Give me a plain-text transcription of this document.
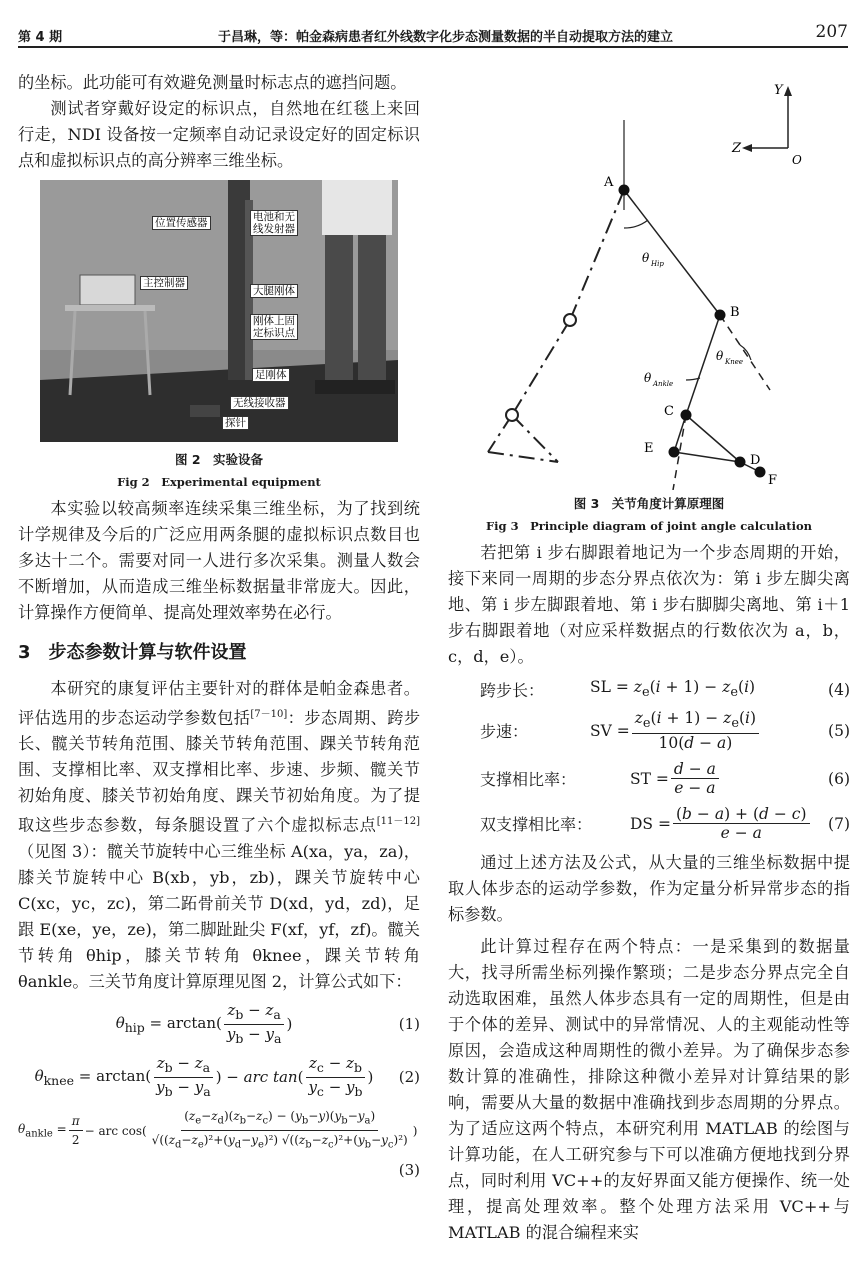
第 4 期	于昌琳，等：帕金森病患者红外线数字化步态测量数据的半自动提取方法的建立	207

的坐标。此功能可有效避免测量时标志点的遮挡问题。

测试者穿戴好设定的标识点，自然地在红毯上来回行走，NDI 设备按一定频率自动记录设定好的固定标识点和虚拟标识点的高分辨率三维坐标。

位置传感器	电池和无
线发射器
主控制器
大腿刚体
刚体上固
定标识点
足刚体
无线接收器
探针
图 2　实验设备
Fig 2　Experimental equipment

本实验以较高频率连续采集三维坐标，为了找到统计学规律及今后的广泛应用两条腿的虚拟标识点数目也多达十二个。需要对同一人进行多次采集。测量人数会不断增加，从而造成三维坐标数据量非常庞大。因此，计算操作方便简单、提高处理效率势在必行。

3　步态参数计算与软件设置

本研究的康复评估主要针对的群体是帕金森患者。评估选用的步态运动学参数包括[7－10]：步态周期、跨步长、髋关节转角范围、膝关节转角范围、踝关节转角范围、支撑相比率、双支撑相比率、步速、步频、髋关节初始角度、膝关节初始角度、踝关节初始角度。为了提取这些步态参数，每条腿设置了六个虚拟标志点[11－12]（见图 3）：髋关节旋转中心三维坐标 A(xa，ya，za)，膝关节旋转中心 B(xb，yb，zb)，踝关节旋转中心 C(xc，yc，zc)，第二跖骨前关节 D(xd，yd，zd)，足跟 E(xe，ye，ze)，第二脚趾趾尖 F(xf，yf，zf)。髋关节转角 θhip，膝关节转角 θknee，踝关节转角 θankle。三关节角度计算原理见图 2，计算公式如下：

$\theta_{hip} = \arctan( \frac{z_b - z_a}{y_b - y_a}$ )	(1)
$\theta_{knee} = \arctan( \frac{z_b - z_a}{y_b - y_a}$ ) − arc $\tan( \frac{z_c - z_b}{y_c - y_b}$ )	(2)
$\theta_{ankle} = \frac{\pi}{2}$ − arc $\cos( \frac{(z_e-z_d)(z_b-z_c) - (y_b-y)(y_b-y_a)}{√((z_d-z_e)^2+(y_d-y_e)^2) √((z_b-z_c)^2+(y_b-y_c)^2)}$ )
(3)
Y
Z
O
A
B
C
D
E
F
θ Hip
θ Knee
θ Ankle
图 3　关节角度计算原理图
Fig 3　Principle diagram of joint angle calculation

若把第 i 步右脚跟着地记为一个步态周期的开始，接下来同一周期的步态分界点依次为：第 i 步左脚尖离地、第 i 步左脚跟着地、第 i 步右脚脚尖离地、第 i＋1 步右脚跟着地（对应采样数据点的行数依次为 a，b，c，d，e）。

跨步长：	SL = $z_e(i + 1) - z_e(i)$	(4)
步速：	SV = $\frac{z_e(i + 1) - z_e(i)}{10(d - a)}$	(5)
支撑相比率：	ST = $\frac{d - a}{e - a}$	(6)
双支撑相比率：	DS = $\frac{(b - a) + (d - c)}{e - a}$	(7)

通过上述方法及公式，从大量的三维坐标数据中提取人体步态的运动学参数，作为定量分析异常步态的指标参数。

此计算过程存在两个特点：一是采集到的数据量大，找寻所需坐标列操作繁琐；二是步态分界点完全自动选取困难，虽然人体步态具有一定的周期性，但是由于个体的差异、测试中的异常情况、人的主观能动性等原因，会造成这种周期性的微小差异。为了确保步态参数计算的准确性，排除这种微小差异对计算结果的影响，需要从大量的数据中准确找到步态周期的分界点。为了适应这两个特点，本研究利用 MATLAB 的绘图与计算功能，在人工研究参与下可以准确方便地找到分界点，同时利用 VC++的友好界面又能方便操作、统一处理，提高处理效率。整个处理方法采用 VC++与 MATLAB 的混合编程来实
